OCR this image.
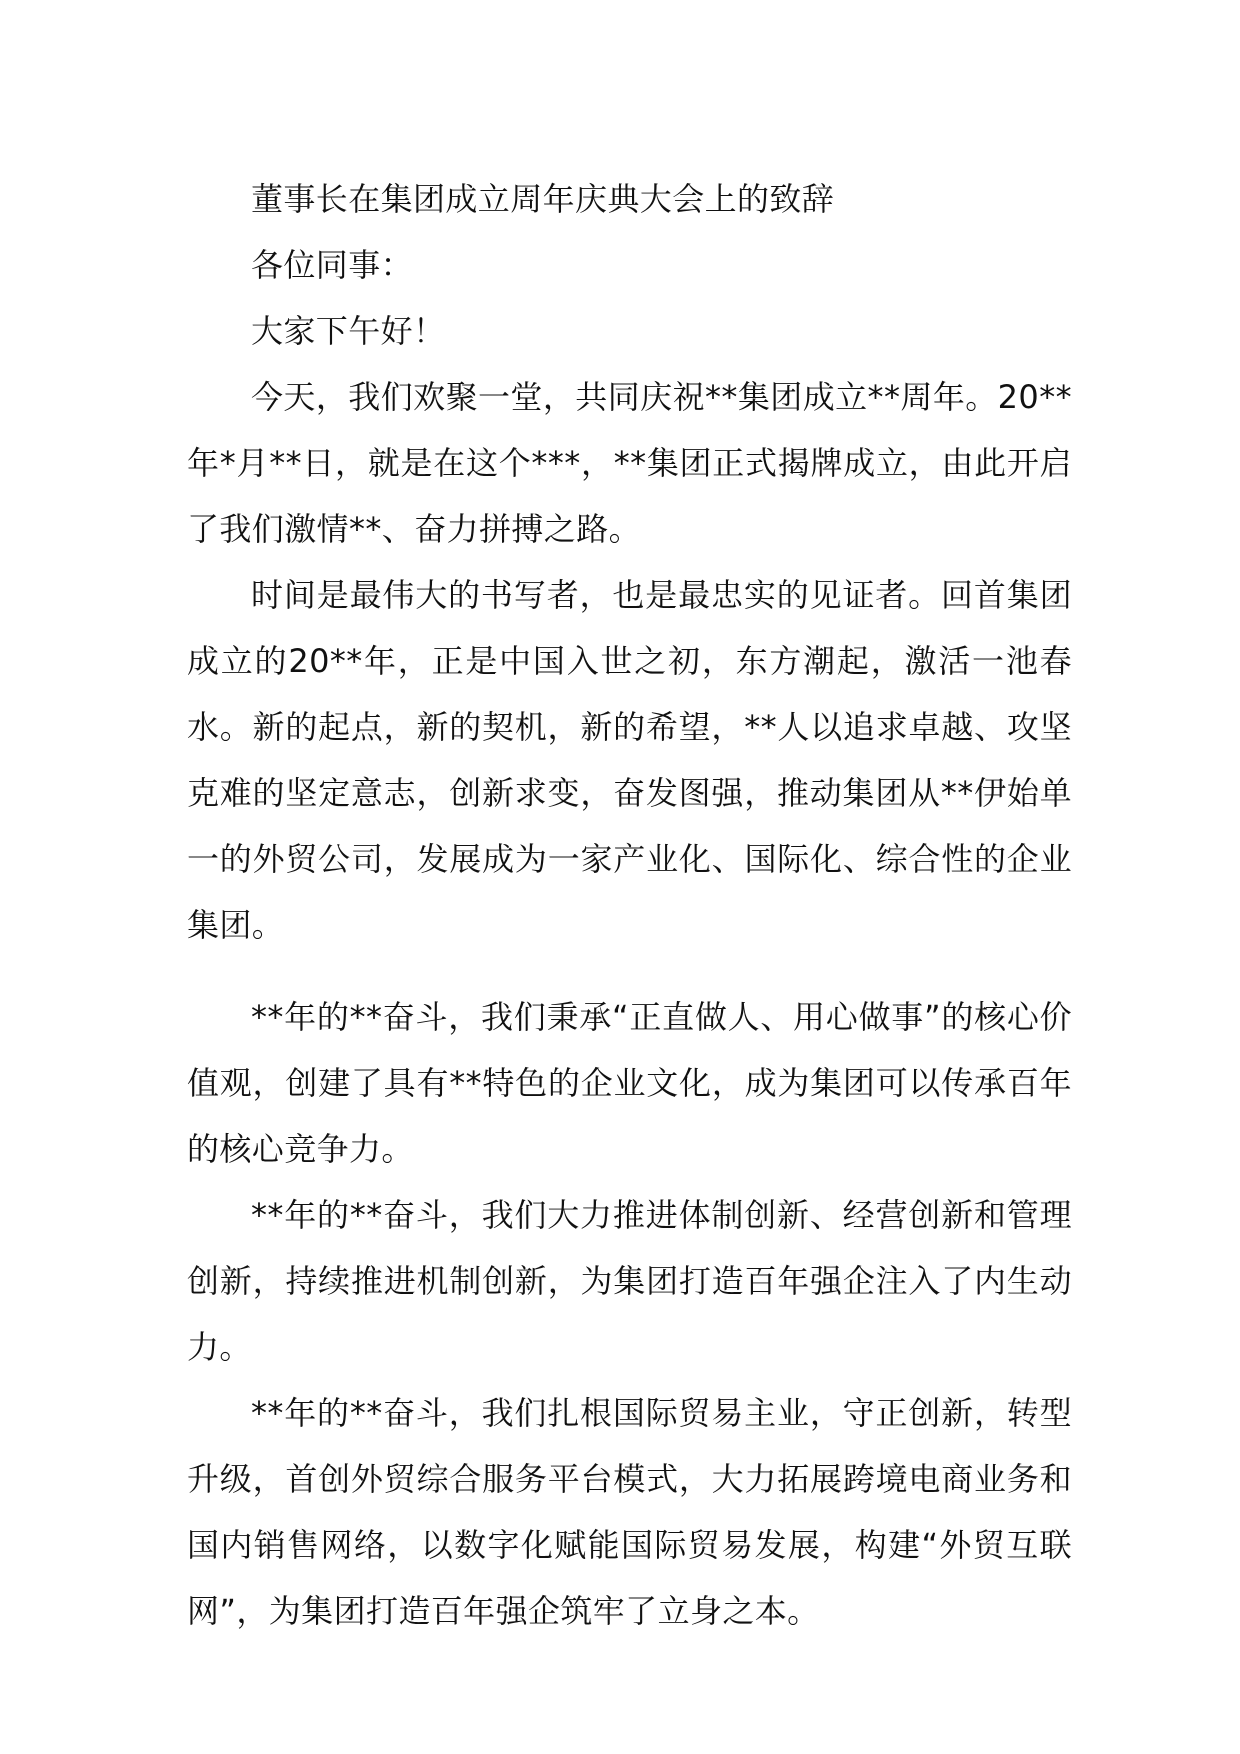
董事长在集团成立周年庆典大会上的致辞

各位同事：

大家下午好！

今天，我们欢聚一堂，共同庆祝**集团成立**周年。20**年*月**日，就是在这个***，**集团正式揭牌成立，由此开启了我们激情**、奋力拼搏之路。

时间是最伟大的书写者，也是最忠实的见证者。回首集团成立的20**年，正是中国入世之初，东方潮起，激活一池春水。新的起点，新的契机，新的希望，**人以追求卓越、攻坚克难的坚定意志，创新求变，奋发图强，推动集团从**伊始单一的外贸公司，发展成为一家产业化、国际化、综合性的企业集团。

**年的**奋斗，我们秉承“正直做人、用心做事”的核心价值观，创建了具有**特色的企业文化，成为集团可以传承百年的核心竞争力。

**年的**奋斗，我们大力推进体制创新、经营创新和管理创新，持续推进机制创新，为集团打造百年强企注入了内生动力。

**年的**奋斗，我们扎根国际贸易主业，守正创新，转型升级，首创外贸综合服务平台模式，大力拓展跨境电商业务和国内销售网络，以数字化赋能国际贸易发展，构建“外贸互联网”，为集团打造百年强企筑牢了立身之本。
